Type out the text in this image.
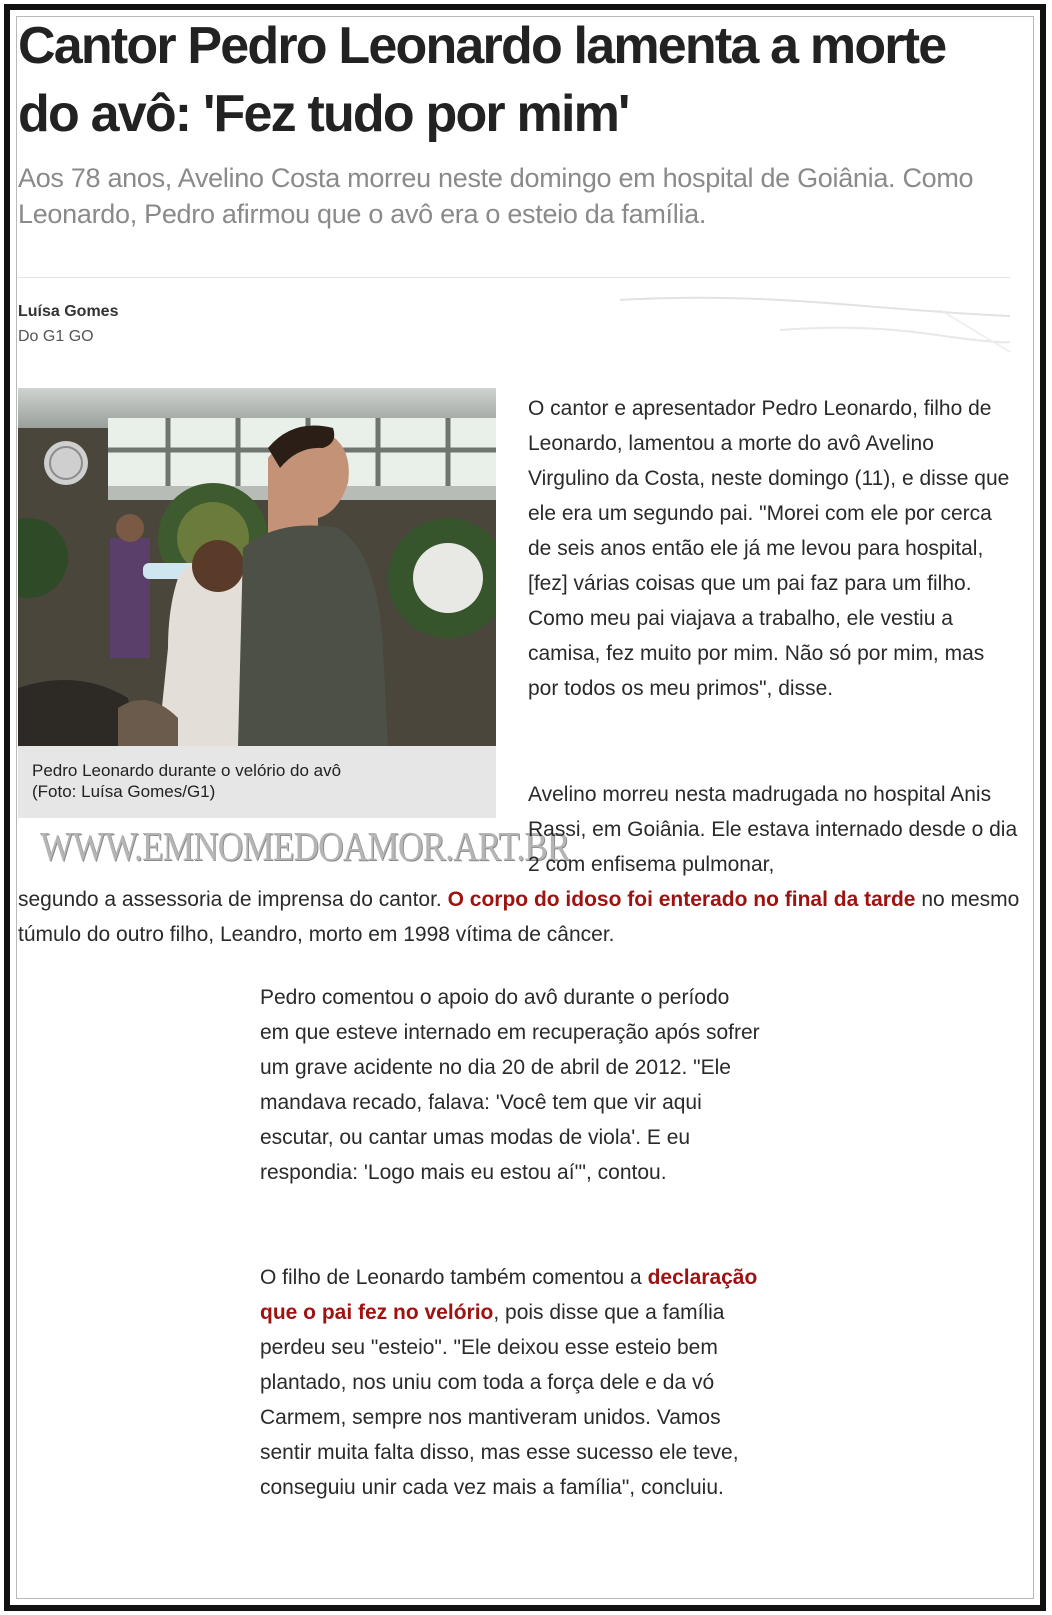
Cantor Pedro Leonardo lamenta a morte do avô: 'Fez tudo por mim'

Aos 78 anos, Avelino Costa morreu neste domingo em hospital de Goiânia. Como Leonardo, Pedro afirmou que o avô era o esteio da família.

Luísa Gomes
Do G1 GO
Pedro Leonardo durante o velório do avô
(Foto: Luísa Gomes/G1)
WWW.EMNOMEDOAMOR.ART.BR

O cantor e apresentador Pedro Leonardo, filho de Leonardo, lamentou a morte do avô Avelino Virgulino da Costa, neste domingo (11), e disse que ele era um segundo pai. "Morei com ele por cerca de seis anos então ele já me levou para hospital, [fez] várias coisas que um pai faz para um filho. Como meu pai viajava a trabalho, ele vestiu a camisa, fez muito por mim. Não só por mim, mas por todos os meu primos", disse.

Avelino morreu nesta madrugada no hospital Anis Rassi, em Goiânia. Ele estava internado desde o dia 2 com enfisema pulmonar,

segundo a assessoria de imprensa do cantor. O corpo do idoso foi enterado no final da tarde no mesmo túmulo do outro filho, Leandro, morto em 1998 vítima de câncer.

Pedro comentou o apoio do avô durante o período em que esteve internado em recuperação após sofrer um grave acidente no dia 20 de abril de 2012. "Ele mandava recado, falava: 'Você tem que vir aqui escutar, ou cantar umas modas de viola'. E eu respondia: 'Logo mais eu estou aí'", contou.

O filho de Leonardo também comentou a declaração que o pai fez no velório, pois disse que a família perdeu seu "esteio". "Ele deixou esse esteio bem plantado, nos uniu com toda a força dele e da vó Carmem, sempre nos mantiveram unidos. Vamos sentir muita falta disso, mas esse sucesso ele teve, conseguiu unir cada vez mais a família", concluiu.
